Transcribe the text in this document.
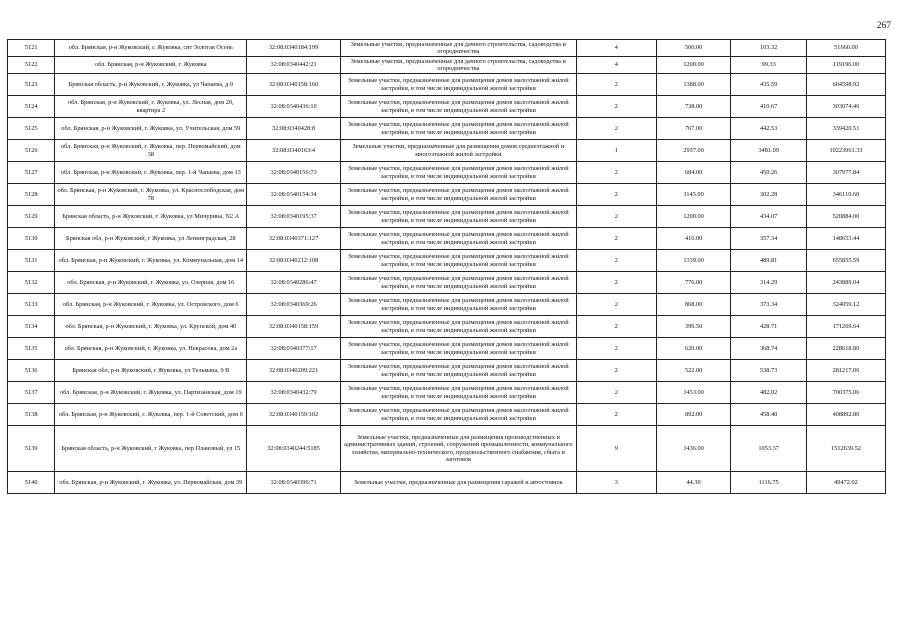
267
5121	обл. Брянская, р-н Жуковский, г. Жуковка, снт Золотая Осень	32:08:0340184:199	Земельные участки, предназначенные для дачного строительства, садоводства и огородничества	4	500.00	103.32	51660.00
5122	обл. Брянская, р-н Жуковский, г. Жуковка	32:08:0340442:21	Земельные участки, предназначенные для дачного строительства, садоводства и огородничества	4	1200.00	99.33	119196.00
5123	Брянская область, р-н Жуковский, г. Жуковка, ул Чапаева, д 9	32:08:0340158:160	Земельные участки, предназначенные для размещения домов малоэтажной жилой застройки, в том числе индивидуальной жилой застройки	2	1388.00	435.59	604598.92
5124	обл. Брянская, р-н Жуковский, г. Жуковка, ул. Лесная, дом 20, квартира 2	32:08:0340436:10	Земельные участки, предназначенные для размещения домов малоэтажной жилой застройки, в том числе индивидуальной жилой застройки	2	738.00	410.67	303074.46
5125	обл. Брянская, р-н Жуковский, г. Жуковка, ул. Учительская, дом 59	32:08:0340428:8	Земельные участки, предназначенные для размещения домов малоэтажной жилой застройки, в том числе индивидуальной жилой застройки	2	767.00	442.53	339420.51
5126	обл. Брянская, р-н Жуковский, г. Жуковка, пер. Первомайский, дом 38	32:08:0340163:4	Земельные участки, предназначенные для размещения домов среднеэтажной и многоэтажной жилой застройки	1	2937.00	3481.09	10223961.33
5127	обл. Брянская, р-н Жуковский, г. Жуковка, пер. 1-й Чапаева, дом 13	32:08:0340156:73	Земельные участки, предназначенные для размещения домов малоэтажной жилой застройки, в том числе индивидуальной жилой застройки	2	684.00	450.26	307977.84
5128	обл. Брянская, р-н Жуковский, г. Жуковка, ул. Краснослободская, дом 78	32:08:0340154:34	Земельные участки, предназначенные для размещения домов малоэтажной жилой застройки, в том числе индивидуальной жилой застройки	2	1145.00	302.28	346110.60
5129	Брянская область, р-н Жуковский, г. Жуковка, ул Мичурина, N2 А	32:08:0340195:37	Земельные участки, предназначенные для размещения домов малоэтажной жилой застройки, в том числе индивидуальной жилой застройки	2	1200.00	434.07	520884.00
5130	Брянская обл, р-н Жуковский, г Жуковка, ул Ленинградская, 28	32:08:0340371:127	Земельные участки, предназначенные для размещения домов малоэтажной жилой застройки, в том числе индивидуальной жилой застройки	2	416.00	357.34	148653.44
5131	обл. Брянская, р-н Жуковский, г. Жуковка, ул. Коммунальная, дом 14	32:08:0340212:108	Земельные участки, предназначенные для размещения домов малоэтажной жилой застройки, в том числе индивидуальной жилой застройки	2	1339.00	489.81	655855.59
5132	обл. Брянская, р-н Жуковский, г. Жуковка, ул. Озерная, дом 16	32:08:0340286:47	Земельные участки, предназначенные для размещения домов малоэтажной жилой застройки, в том числе индивидуальной жилой застройки	2	776.00	314.29	243889.04
5133	обл. Брянская, р-н Жуковский, г. Жуковка, ул. Островского, дом 6	32:08:0340369:26	Земельные участки, предназначенные для размещения домов малоэтажной жилой застройки, в том числе индивидуальной жилой застройки	2	868.00	373.34	324059.12
5134	обл. Брянская, р-н Жуковский, г. Жуковка, ул. Крупской, дом 40	32:08:0340158:159	Земельные участки, предназначенные для размещения домов малоэтажной жилой застройки, в том числе индивидуальной жилой застройки	2	399.50	428.71	171269.64
5135	обл. Брянская, р-н Жуковский, г. Жуковка, ул. Некрасова, дом 2а	32:08:0340377:17	Земельные участки, предназначенные для размещения домов малоэтажной жилой застройки, в том числе индивидуальной жилой застройки	2	620.00	368.74	228618.80
5136	Брянская обл, р-н Жуковский, г Жуковка, ул Тельмана, 9 В	32:08:0340209:221	Земельные участки, предназначенные для размещения домов малоэтажной жилой застройки, в том числе индивидуальной жилой застройки	2	522.00	538.73	281217.06
5137	обл. Брянская, р-н Жуковский, г. Жуковка, ул. Партизанская, дом 19	32:08:0340432:79	Земельные участки, предназначенные для размещения домов малоэтажной жилой застройки, в том числе индивидуальной жилой застройки	2	1453.00	482.02	700375.06
5138	обл. Брянская, р-н Жуковский, г. Жуковка, пер. 1-й Советский, дом 6	32:08:0340159:102	Земельные участки, предназначенные для размещения домов малоэтажной жилой застройки, в том числе индивидуальной жилой застройки	2	892.00	458.40	408892.80
5139	Брянская область, р-н Жуковский, г Жуковка, пер Плановый, ул 15	32:08:0340244:5185	Земельные участки, предназначенные для размещения производственных и административных зданий, строений, сооружений промышленности, коммунального хозяйства, материально-технического, продовольственного снабжения, сбыта и заготовок	9	1436.00	1053.37	1512639.52
5140	обл. Брянская, р-н Жуковский, г. Жуковка, ул. Первомайская, дом 39	32:08:0340396:71	Земельные участки, предназначенные для размещения гаражей и автостоянок	3	44.30	1116.75	49472.02
